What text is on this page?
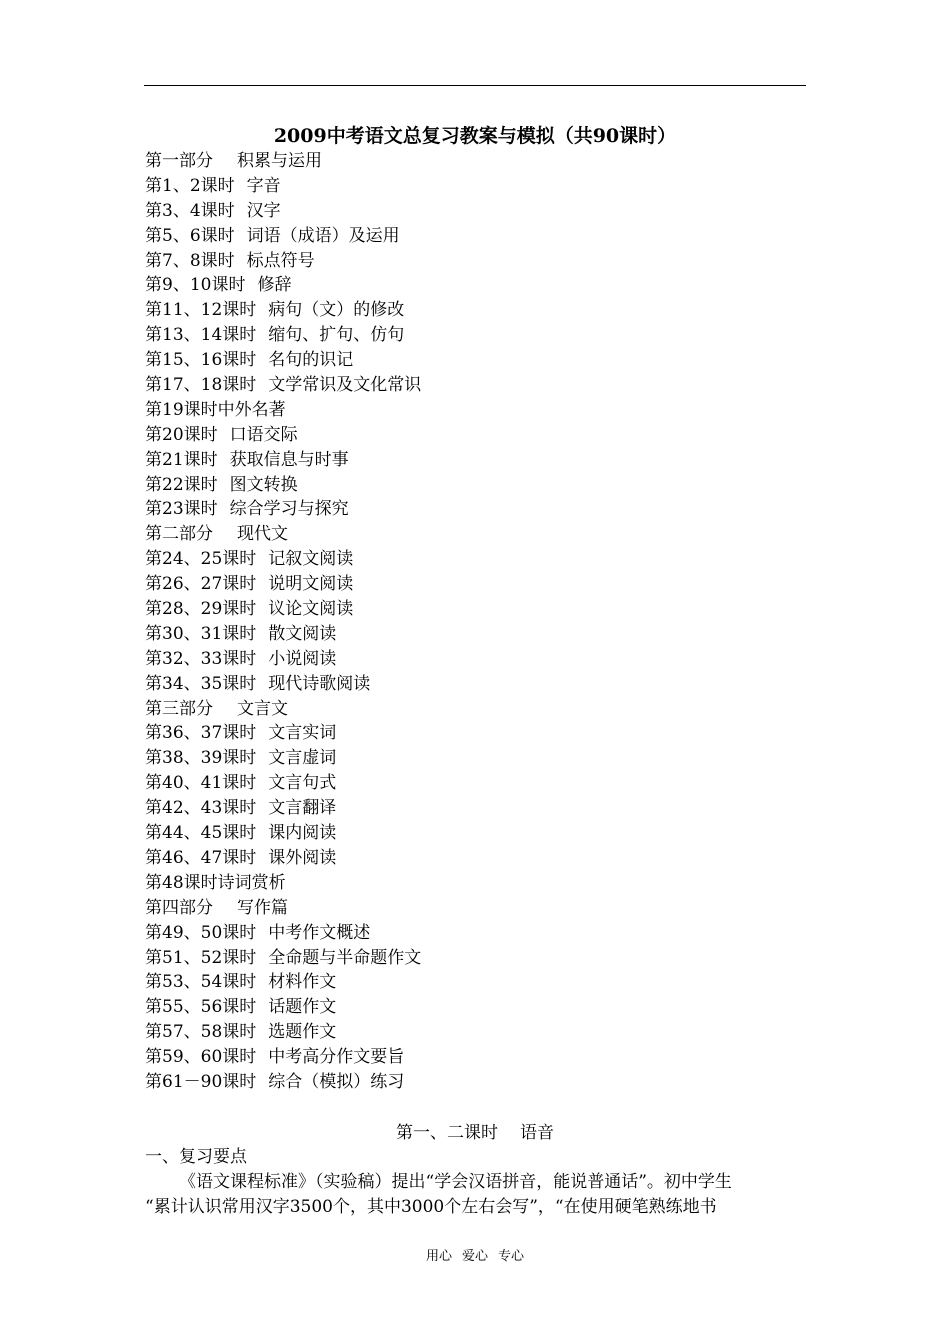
2009中考语文总复习教案与模拟（共90课时）
第一部分 积累与运用
第1、2课时 字音
第3、4课时 汉字
第5、6课时 词语（成语）及运用
第7、8课时 标点符号
第9、10课时 修辞
第11、12课时 病句（文）的修改
第13、14课时 缩句、扩句、仿句
第15、16课时 名句的识记
第17、18课时 文学常识及文化常识
第19课时中外名著
第20课时 口语交际
第21课时 获取信息与时事
第22课时 图文转换
第23课时 综合学习与探究
第二部分 现代文
第24、25课时 记叙文阅读
第26、27课时 说明文阅读
第28、29课时 议论文阅读
第30、31课时 散文阅读
第32、33课时 小说阅读
第34、35课时 现代诗歌阅读
第三部分 文言文
第36、37课时 文言实词
第38、39课时 文言虚词
第40、41课时 文言句式
第42、43课时 文言翻译
第44、45课时 课内阅读
第46、47课时 课外阅读
第48课时诗词赏析
第四部分 写作篇
第49、50课时 中考作文概述
第51、52课时 全命题与半命题作文
第53、54课时 材料作文
第55、56课时 话题作文
第57、58课时 选题作文
第59、60课时 中考高分作文要旨
第61－90课时 综合（模拟）练习
第一、二课时 语音
一、复习要点
《语文课程标准》（实验稿）提出“学会汉语拼音，能说普通话”。初中学生
“累计认识常用汉字3500个，其中3000个左右会写”，“在使用硬笔熟练地书
用心 爱心 专心
